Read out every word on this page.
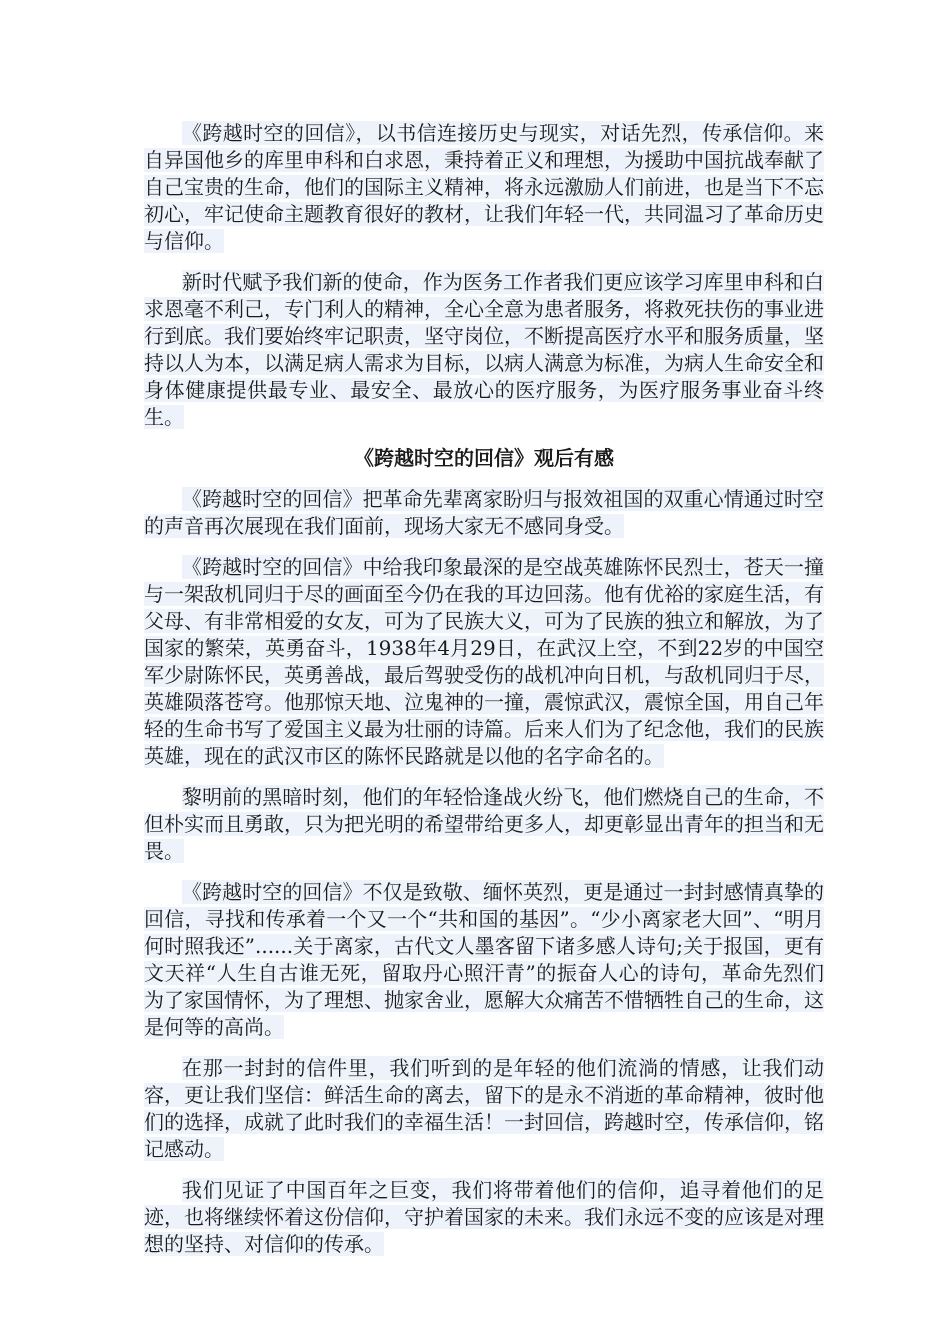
《跨越时空的回信》，以书信连接历史与现实，对话先烈，传承信仰。来自异国他乡的库里申科和白求恩，秉持着正义和理想，为援助中国抗战奉献了自己宝贵的生命，他们的国际主义精神，将永远激励人们前进，也是当下不忘初心，牢记使命主题教育很好的教材，让我们年轻一代，共同温习了革命历史与信仰。

新时代赋予我们新的使命，作为医务工作者我们更应该学习库里申科和白求恩毫不利己，专门利人的精神，全心全意为患者服务，将救死扶伤的事业进行到底。我们要始终牢记职责，坚守岗位，不断提高医疗水平和服务质量，坚持以人为本，以满足病人需求为目标，以病人满意为标准，为病人生命安全和身体健康提供最专业、最安全、最放心的医疗服务，为医疗服务事业奋斗终生。

《跨越时空的回信》观后有感

《跨越时空的回信》把革命先辈离家盼归与报效祖国的双重心情通过时空的声音再次展现在我们面前，现场大家无不感同身受。

《跨越时空的回信》中给我印象最深的是空战英雄陈怀民烈士，苍天一撞与一架敌机同归于尽的画面至今仍在我的耳边回荡。他有优裕的家庭生活，有父母、有非常相爱的女友，可为了民族大义，可为了民族的独立和解放，为了国家的繁荣，英勇奋斗，1938年4月29日，在武汉上空，不到22岁的中国空军少尉陈怀民，英勇善战，最后驾驶受伤的战机冲向日机，与敌机同归于尽，英雄陨落苍穹。他那惊天地、泣鬼神的一撞，震惊武汉，震惊全国，用自己年轻的生命书写了爱国主义最为壮丽的诗篇。后来人们为了纪念他，我们的民族英雄，现在的武汉市区的陈怀民路就是以他的名字命名的。

黎明前的黑暗时刻，他们的年轻恰逢战火纷飞，他们燃烧自己的生命，不但朴实而且勇敢，只为把光明的希望带给更多人，却更彰显出青年的担当和无畏。

《跨越时空的回信》不仅是致敬、缅怀英烈，更是通过一封封感情真挚的回信，寻找和传承着一个又一个“共和国的基因”。“少小离家老大回”、“明月何时照我还”......关于离家，古代文人墨客留下诸多感人诗句;关于报国，更有文天祥“人生自古谁无死，留取丹心照汗青”的振奋人心的诗句，革命先烈们为了家国情怀，为了理想、抛家舍业，愿解大众痛苦不惜牺牲自己的生命，这是何等的高尚。

在那一封封的信件里，我们听到的是年轻的他们流淌的情感，让我们动容，更让我们坚信：鲜活生命的离去，留下的是永不消逝的革命精神，彼时他们的选择，成就了此时我们的幸福生活！一封回信，跨越时空，传承信仰，铭记感动。

我们见证了中国百年之巨变，我们将带着他们的信仰，追寻着他们的足迹，也将继续怀着这份信仰，守护着国家的未来。我们永远不变的应该是对理想的坚持、对信仰的传承。
